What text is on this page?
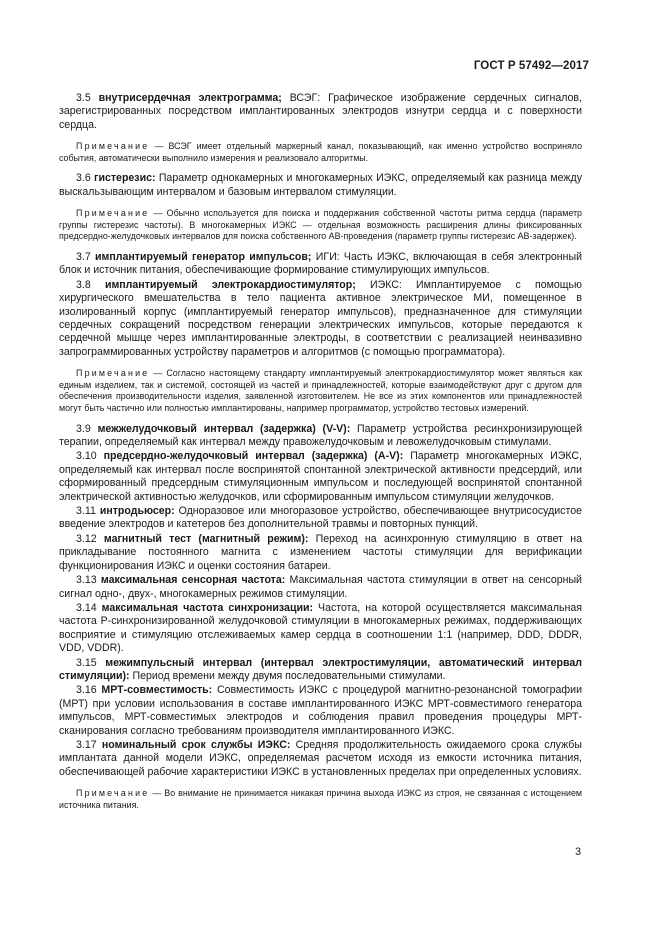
ГОСТ Р 57492—2017

3.5 внутрисердечная электрограмма; ВСЭГ: Графическое изображение сердечных сигналов, зарегистрированных посредством имплантированных электродов изнутри сердца и с поверхности сердца.

Примечание — ВСЭГ имеет отдельный маркерный канал, показывающий, как именно устройство восприняло события, автоматически выполнило измерения и реализовало алгоритмы.

3.6 гистерезис: Параметр однокамерных и многокамерных ИЭКС, определяемый как разница между выскальзывающим интервалом и базовым интервалом стимуляции.

Примечание — Обычно используется для поиска и поддержания собственной частоты ритма сердца (параметр группы гистерезис частоты). В многокамерных ИЭКС — отдельная возможность расширения длины фиксированных предсердно-желудочковых интервалов для поиска собственного АВ-проведения (параметр группы гистерезис АВ-задержек).

3.7 имплантируемый генератор импульсов; ИГИ: Часть ИЭКС, включающая в себя электронный блок и источник питания, обеспечивающие формирование стимулирующих импульсов.

3.8 имплантируемый электрокардиостимулятор; ИЭКС: Имплантируемое с помощью хирургического вмешательства в тело пациента активное электрическое МИ, помещенное в изолированный корпус (имплантируемый генератор импульсов), предназначенное для стимуляции сердечных сокращений посредством генерации электрических импульсов, которые передаются к сердечной мышце через имплантированные электроды, в соответствии с реализацией неинвазивно запрограммированных устройству параметров и алгоритмов (с помощью программатора).

Примечание — Согласно настоящему стандарту имплантируемый электрокардиостимулятор может являться как единым изделием, так и системой, состоящей из частей и принадлежностей, которые взаимодействуют друг с другом для обеспечения производительности изделия, заявленной изготовителем. Не все из этих компонентов или принадлежностей могут быть частично или полностью имплантированы, например программатор, устройство тестовых измерений.

3.9 межжелудочковый интервал (задержка) (V-V): Параметр устройства ресинхронизирующей терапии, определяемый как интервал между правожелудочковым и левожелудочковым стимулами.

3.10 предсердно-желудочковый интервал (задержка) (A-V): Параметр многокамерных ИЭКС, определяемый как интервал после воспринятой спонтанной электрической активности предсердий, или сформированный предсердным стимуляционным импульсом и последующей воспринятой спонтанной электрической активностью желудочков, или сформированным импульсом стимуляции желудочков.

3.11 интродьюсер: Одноразовое или многоразовое устройство, обеспечивающее внутрисосудистое введение электродов и катетеров без дополнительной травмы и повторных пункций.

3.12 магнитный тест (магнитный режим): Переход на асинхронную стимуляцию в ответ на прикладывание постоянного магнита с изменением частоты стимуляции для верификации функционирования ИЭКС и оценки состояния батареи.

3.13 максимальная сенсорная частота: Максимальная частота стимуляции в ответ на сенсорный сигнал одно-, двух-, многокамерных режимов стимуляции.

3.14 максимальная частота синхронизации: Частота, на которой осуществляется максимальная частота Р-синхронизированной желудочковой стимуляции в многокамерных режимах, поддерживающих восприятие и стимуляцию отслеживаемых камер сердца в соотношении 1:1 (например, DDD, DDDR, VDD, VDDR).

3.15 межимпульсный интервал (интервал электростимуляции, автоматический интервал стимуляции): Период времени между двумя последовательными стимулами.

3.16 МРТ-совместимость: Совместимость ИЭКС с процедурой магнитно-резонансной томографии (МРТ) при условии использования в составе имплантированного ИЭКС МРТ-совместимого генератора импульсов, МРТ-совместимых электродов и соблюдения правил проведения процедуры МРТ-сканирования согласно требованиям производителя имплантированного ИЭКС.

3.17 номинальный срок службы ИЭКС: Средняя продолжительность ожидаемого срока службы имплантата данной модели ИЭКС, определяемая расчетом исходя из емкости источника питания, обеспечивающей рабочие характеристики ИЭКС в установленных пределах при определенных условиях.

Примечание — Во внимание не принимается никакая причина выхода ИЭКС из строя, не связанная с истощением источника питания.

3
